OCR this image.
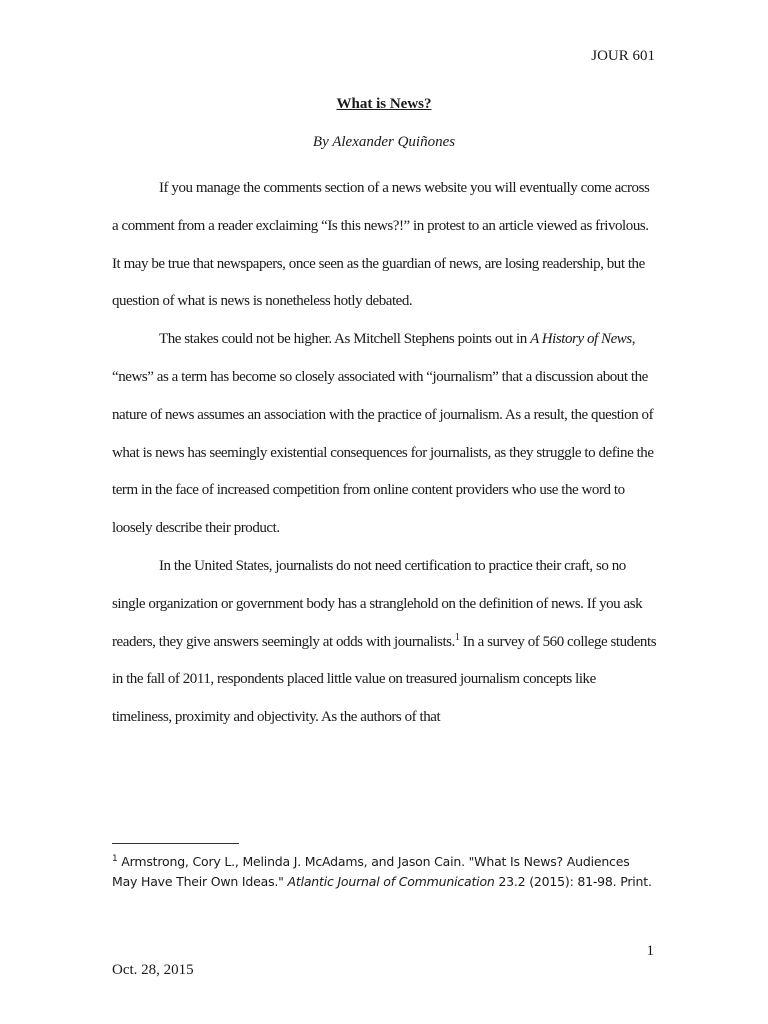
JOUR 601
What is News?
By Alexander Quiñones

If you manage the comments section of a news website you will eventually come across a comment from a reader exclaiming “Is this news?!” in protest to an article viewed as frivolous. It may be true that newspapers, once seen as the guardian of news, are losing readership, but the question of what is news is nonetheless hotly debated.

The stakes could not be higher. As Mitchell Stephens points out in A History of News, “news” as a term has become so closely associated with “journalism” that a discussion about the nature of news assumes an association with the practice of journalism. As a result, the question of what is news has seemingly existential consequences for journalists, as they struggle to define the term in the face of increased competition from online content providers who use the word to loosely describe their product.

In the United States, journalists do not need certification to practice their craft, so no single organization or government body has a stranglehold on the definition of news. If you ask readers, they give answers seemingly at odds with journalists.$^1$ In a survey of 560 college students in the fall of 2011, respondents placed little value on treasured journalism concepts like timeliness, proximity and objectivity. As the authors of that

$^1$ Armstrong, Cory L., Melinda J. McAdams, and Jason Cain. "What Is News? Audiences May Have Their Own Ideas." Atlantic Journal of Communication 23.2 (2015): 81-98. Print.
1
Oct. 28, 2015
